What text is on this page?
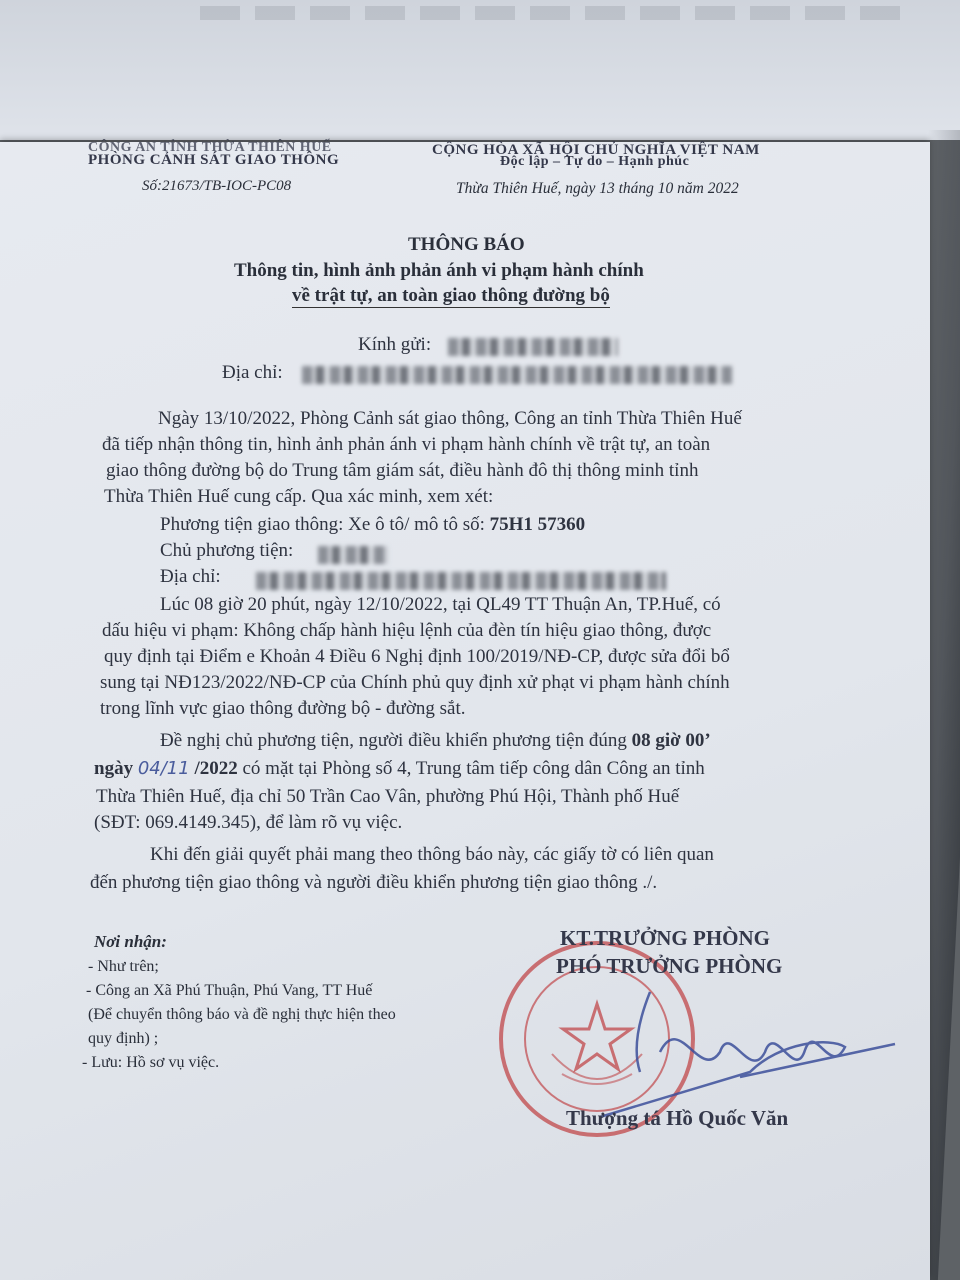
CÔNG AN TỈNH THỪA THIÊN HUẾ
PHÒNG CẢNH SÁT GIAO THÔNG
CỘNG HÒA XÃ HỘI CHỦ NGHĨA VIỆT NAM
Độc lập – Tự do – Hạnh phúc
Số:21673/TB-IOC-PC08	Thừa Thiên Huế, ngày 13 tháng 10 năm 2022
THÔNG BÁO
Thông tin, hình ảnh phản ánh vi phạm hành chính
về trật tự, an toàn giao thông đường bộ
Kính gửi:
Địa chỉ:
Ngày 13/10/2022, Phòng Cảnh sát giao thông, Công an tỉnh Thừa Thiên Huế
đã tiếp nhận thông tin, hình ảnh phản ánh vi phạm hành chính về trật tự, an toàn
giao thông đường bộ do Trung tâm giám sát, điều hành đô thị thông minh tỉnh
Thừa Thiên Huế cung cấp. Qua xác minh, xem xét:
Phương tiện giao thông: Xe ô tô/ mô tô số: 75H1 57360
Chủ phương tiện:
Địa chỉ:
Lúc 08 giờ 20 phút, ngày 12/10/2022, tại QL49 TT Thuận An, TP.Huế, có
dấu hiệu vi phạm: Không chấp hành hiệu lệnh của đèn tín hiệu giao thông, được
quy định tại Điểm e Khoản 4 Điều 6 Nghị định 100/2019/NĐ-CP, được sửa đổi bổ
sung tại NĐ123/2022/NĐ-CP của Chính phủ quy định xử phạt vi phạm hành chính
trong lĩnh vực giao thông đường bộ - đường sắt.
Đề nghị chủ phương tiện, người điều khiển phương tiện đúng 08 giờ 00’
ngày 04/11 /2022 có mặt tại Phòng số 4, Trung tâm tiếp công dân Công an tỉnh
Thừa Thiên Huế, địa chỉ 50 Trần Cao Vân, phường Phú Hội, Thành phố Huế
(SĐT: 069.4149.345), để làm rõ vụ việc.
Khi đến giải quyết phải mang theo thông báo này, các giấy tờ có liên quan
đến phương tiện giao thông và người điều khiển phương tiện giao thông ./.
Nơi nhận:
- Như trên;
- Công an Xã Phú Thuận, Phú Vang, TT Huế
(Để chuyển thông báo và đề nghị thực hiện theo
quy định) ;
- Lưu: Hồ sơ vụ việc.
KT.TRƯỞNG PHÒNG
PHÓ TRƯỞNG PHÒNG
Thượng tá Hồ Quốc Văn
